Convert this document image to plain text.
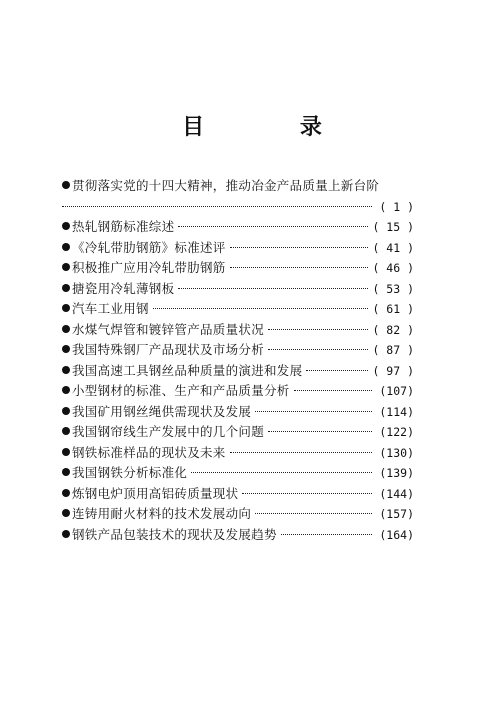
目 录
贯彻落实党的十四大精神，推动冶金产品质量上新台阶
( 1 )
热轧钢筋标准综述	( 15 )
《冷轧带肋钢筋》标准述评	( 41 )
积极推广应用冷轧带肋钢筋	( 46 )
搪瓷用冷轧薄钢板	( 53 )
汽车工业用钢	( 61 )
水煤气焊管和镀锌管产品质量状况	( 82 )
我国特殊钢厂产品现状及市场分析	( 87 )
我国高速工具钢丝品种质量的演进和发展	( 97 )
小型钢材的标准、生产和产品质量分析	(107)
我国矿用钢丝绳供需现状及发展	(114)
我国钢帘线生产发展中的几个问题	(122)
钢铁标准样品的现状及未来	(130)
我国钢铁分析标准化	(139)
炼钢电炉顶用高铝砖质量现状	(144)
连铸用耐火材料的技术发展动向	(157)
钢铁产品包装技术的现状及发展趋势	(164)
